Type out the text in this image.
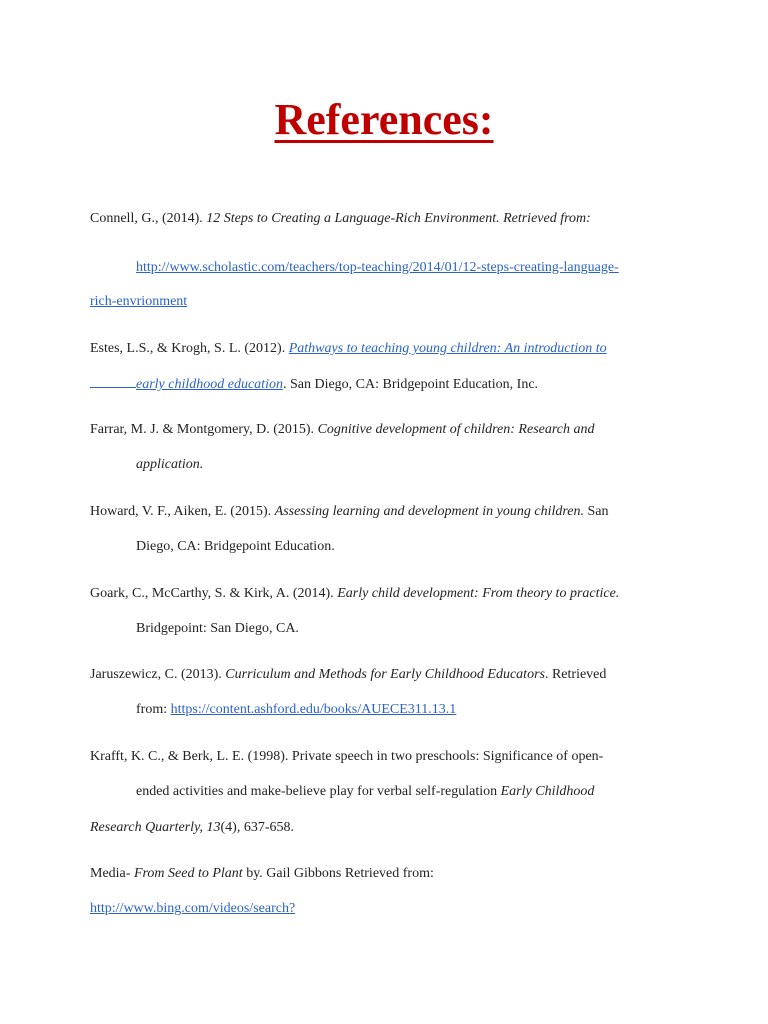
References:
Connell, G., (2014). 12 Steps to Creating a Language-Rich Environment. Retrieved from:
http://www.scholastic.com/teachers/top-teaching/2014/01/12-steps-creating-language-
rich-envrionment
Estes, L.S., & Krogh, S. L. (2012). Pathways to teaching young children: An introduction to
early childhood education. San Diego, CA: Bridgepoint Education, Inc.
Farrar, M. J. & Montgomery, D. (2015). Cognitive development of children: Research and
application.
Howard, V. F., Aiken, E. (2015). Assessing learning and development in young children. San
Diego, CA: Bridgepoint Education.
Goark, C., McCarthy, S. & Kirk, A. (2014). Early child development: From theory to practice.
Bridgepoint: San Diego, CA.
Jaruszewicz, C. (2013). Curriculum and Methods for Early Childhood Educators. Retrieved
from: https://content.ashford.edu/books/AUECE311.13.1
Krafft, K. C., & Berk, L. E. (1998). Private speech in two preschools: Significance of open-
ended activities and make-believe play for verbal self-regulation Early Childhood
Research Quarterly, 13(4), 637-658.
Media- From Seed to Plant by. Gail Gibbons Retrieved from:
http://www.bing.com/videos/search?
